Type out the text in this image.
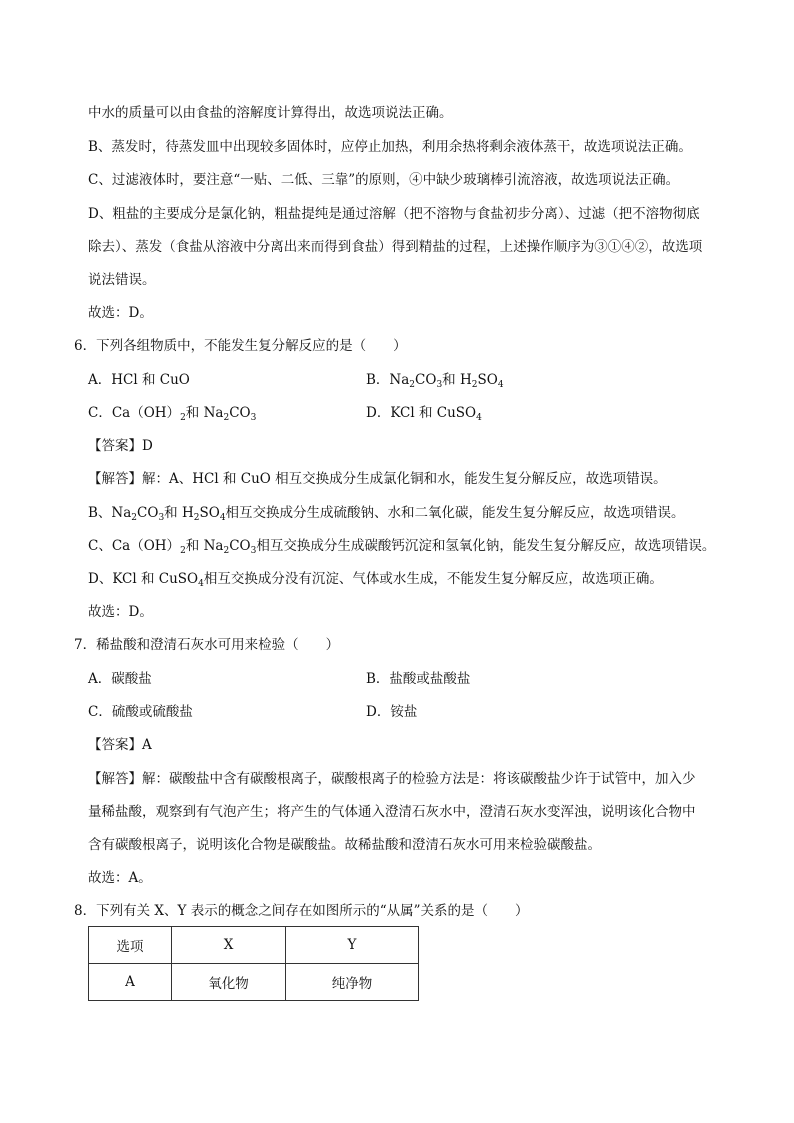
中水的质量可以由食盐的溶解度计算得出，故选项说法正确。
B、蒸发时，待蒸发皿中出现较多固体时，应停止加热，利用余热将剩余液体蒸干，故选项说法正确。
C、过滤液体时，要注意“一贴、二低、三靠”的原则，④中缺少玻璃棒引流溶液，故选项说法正确。
D、粗盐的主要成分是氯化钠，粗盐提纯是通过溶解（把不溶物与食盐初步分离）、过滤（把不溶物彻底
除去）、蒸发（食盐从溶液中分离出来而得到食盐）得到精盐的过程，上述操作顺序为③①④②，故选项
说法错误。
故选：D。
6．下列各组物质中，不能发生复分解反应的是（　　）
A．HCl 和 CuO	B．$Na_2CO_3$和 $H_2SO_4$
C．$Ca(OH)_2$和 $Na_2CO_3$	D．KCl 和 CuSO$_4$
【答案】D
【解答】解：A、HCl 和 CuO 相互交换成分生成氯化铜和水，能发生复分解反应，故选项错误。
B、$Na_2CO_3$和 $H_2SO_4$相互交换成分生成硫酸钠、水和二氧化碳，能发生复分解反应，故选项错误。
C、$Ca(OH)_2$和 $Na_2CO_3$相互交换成分生成碳酸钙沉淀和氢氧化钠，能发生复分解反应，故选项错误。
D、KCl 和 CuSO$_4$相互交换成分没有沉淀、气体或水生成，不能发生复分解反应，故选项正确。
故选：D。
7．稀盐酸和澄清石灰水可用来检验（　　）
A．碳酸盐	B．盐酸或盐酸盐
C．硫酸或硫酸盐	D．铵盐
【答案】A
【解答】解：碳酸盐中含有碳酸根离子，碳酸根离子的检验方法是：将该碳酸盐少许于试管中，加入少
量稀盐酸，观察到有气泡产生；将产生的气体通入澄清石灰水中，澄清石灰水变浑浊，说明该化合物中
含有碳酸根离子，说明该化合物是碳酸盐。故稀盐酸和澄清石灰水可用来检验碳酸盐。
故选：A。
8．下列有关 X、Y 表示的概念之间存在如图所示的“从属”关系的是（　　）
选项	X	Y
A	氧化物	纯净物
